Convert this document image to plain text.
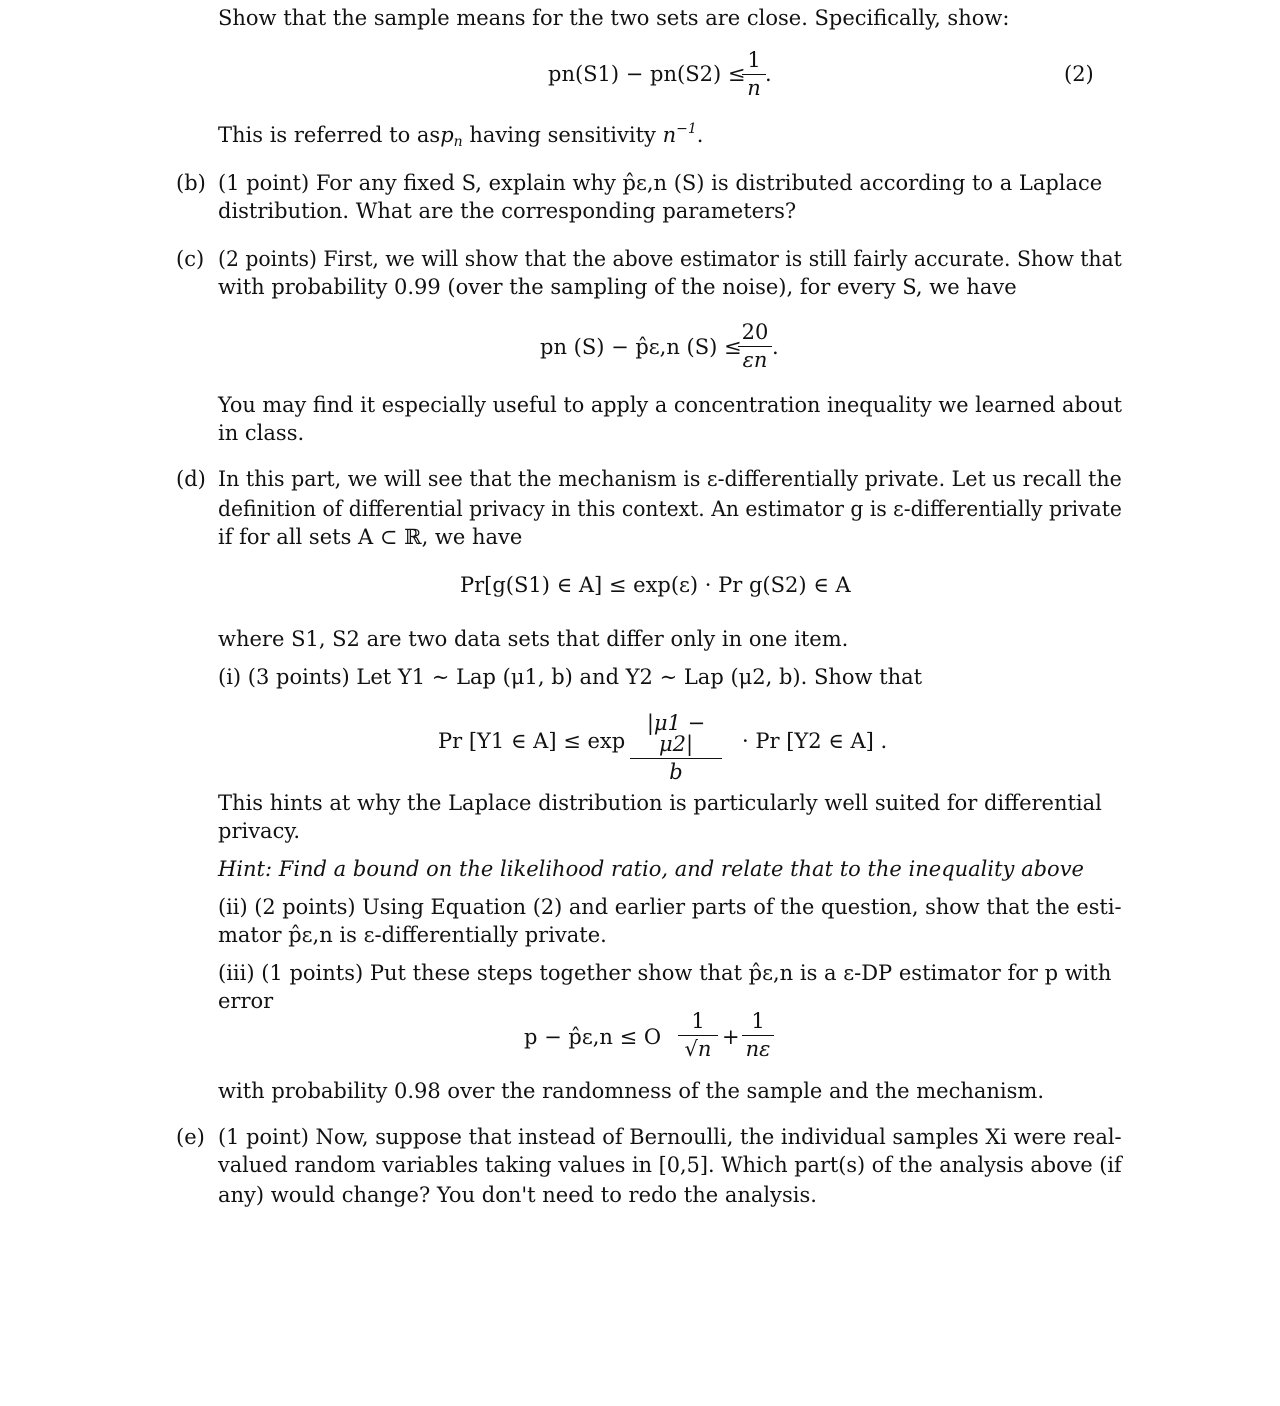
Show that the sample means for the two sets are close. Specifically, show:
pn(S1) − pn(S2) ≤
1
n
.	(2)
This is referred to asp$_n$ having sensitivity $n^{-1}$.
(b) (1 point) For any fixed S, explain why p̂ε,n (S) is distributed according to a Laplace
distribution. What are the corresponding parameters?
(c) (2 points) First, we will show that the above estimator is still fairly accurate. Show that
with probability 0.99 (over the sampling of the noise), for every S, we have
pn (S) − p̂ε,n (S) ≤
20
εn
.
You may find it especially useful to apply a concentration inequality we learned about
in class.
(d) In this part, we will see that the mechanism is ε-differentially private. Let us recall the
definition of differential privacy in this context. An estimator g is ε-differentially private
if for all sets A ⊂ ℝ, we have
Pr[g(S1) ∈ A] ≤ exp(ε) · Pr g(S2) ∈ A
where S1, S2 are two data sets that differ only in one item.
(i) (3 points) Let Y1 ∼ Lap (μ1, b) and Y2 ∼ Lap (μ2, b). Show that
Pr [Y1 ∈ A] ≤ exp
|μ1 − μ2|
b
· Pr [Y2 ∈ A] .
This hints at why the Laplace distribution is particularly well suited for differential
privacy.
Hint: Find a bound on the likelihood ratio, and relate that to the inequality above
(ii) (2 points) Using Equation (2) and earlier parts of the question, show that the esti-
mator p̂ε,n is ε-differentially private.
(iii) (1 points) Put these steps together show that p̂ε,n is a ε-DP estimator for p with
error
p − p̂ε,n ≤ O
1
√n +
1
nε
with probability 0.98 over the randomness of the sample and the mechanism.
(e) (1 point) Now, suppose that instead of Bernoulli, the individual samples Xi were real-
valued random variables taking values in [0,5]. Which part(s) of the analysis above (if
any) would change? You don't need to redo the analysis.
